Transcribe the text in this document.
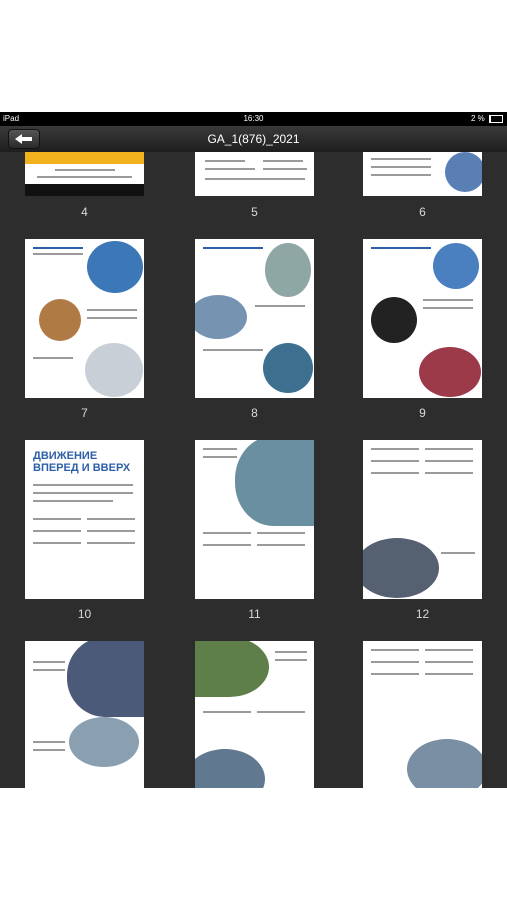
iPad	16:30	2 %
GA_1(876)_2021
4	5	6
7	8	9
ДВИЖЕНИЕ ВПЕРЕД И ВВЕРХ
10	11	12
